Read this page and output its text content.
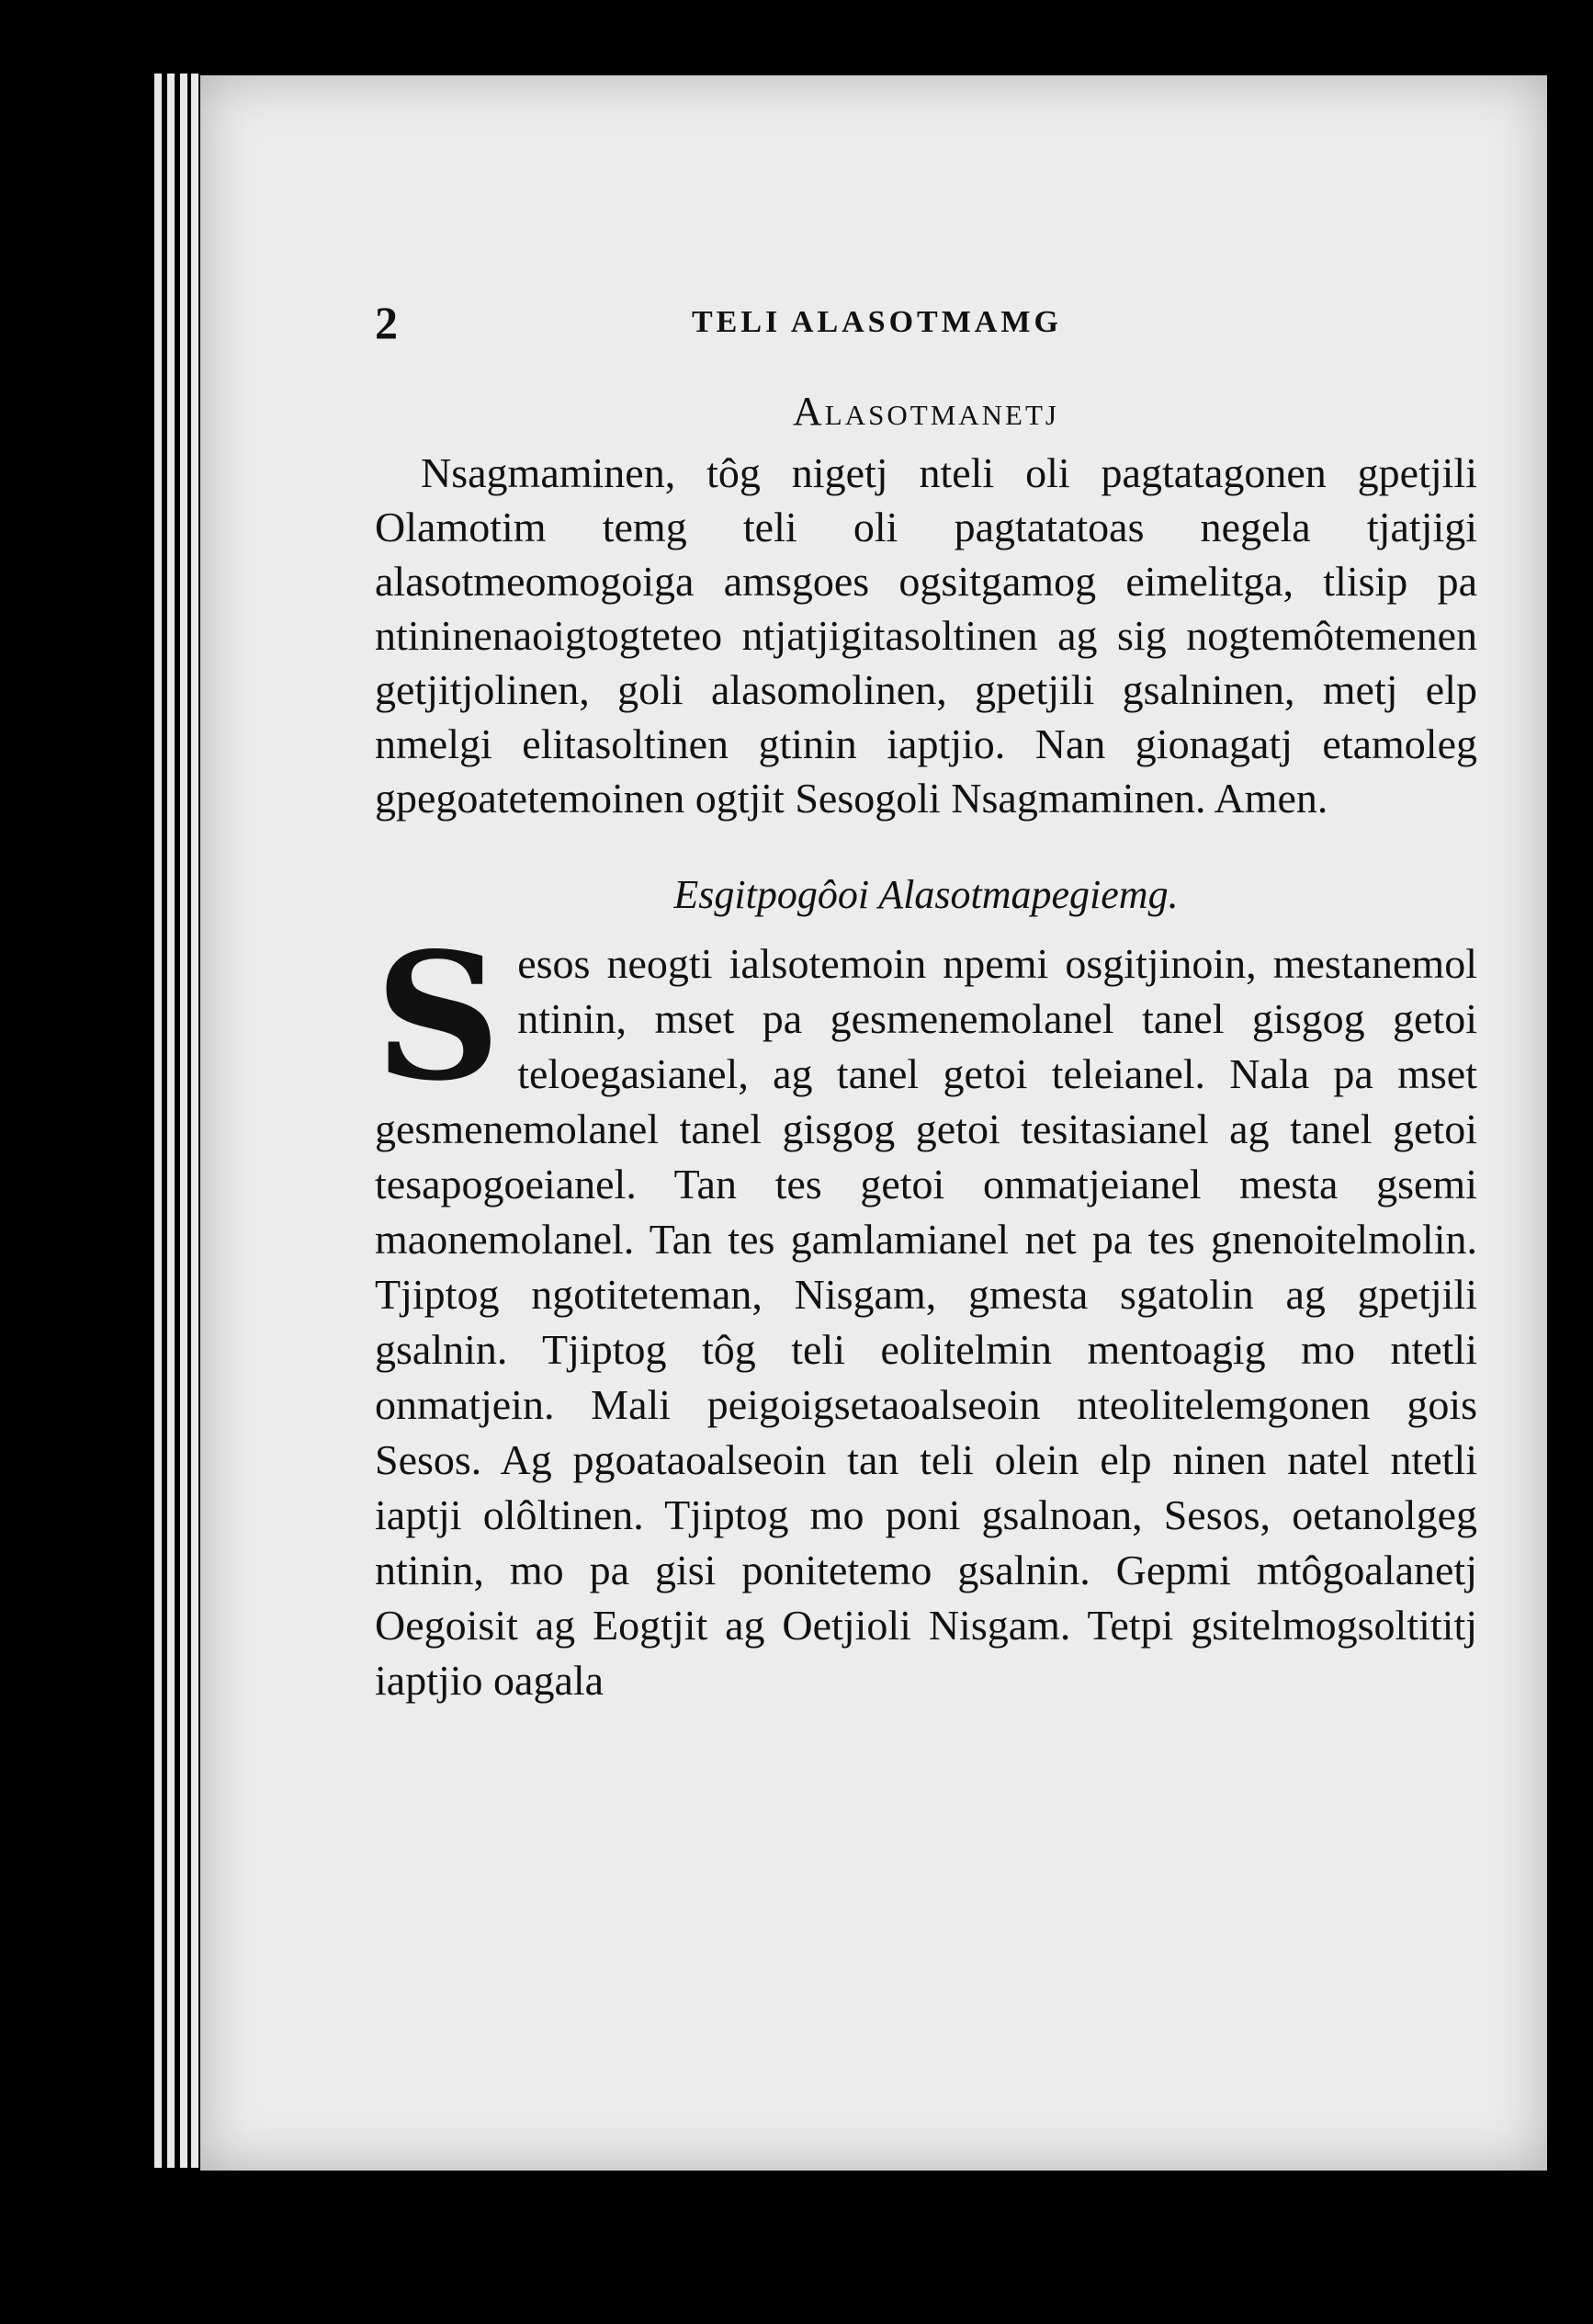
2	TELI ALASOTMAMG
Alasotmanetj

Nsagmaminen, tôg nigetj nteli oli pagtatagonen gpetjili Olamotim temg teli oli pagtatatoas negela tjatjigi alasotmeomogoiga amsgoes ogsitgamog eimelitga, tlisip pa ntininenaoigtogteteo ntjatjigitasoltinen ag sig nogtemôtemenen getjitjolinen, goli alasomolinen, gpetjili gsalninen, metj elp nmelgi elitasoltinen gtinin iaptjio. Nan gionagatj etamoleg gpegoatetemoinen ogtjit Sesogoli Nsagmaminen. Amen.

Esgitpogôoi Alasotmapegiemg.
S esos neogti ialsotemoin npemi osgitjinoin, mestanemol ntinin, mset pa gesmenemolanel tanel gisgog getoi teloegasianel, ag tanel getoi teleianel. Nala pa mset gesmenemolanel tanel gisgog getoi tesitasianel ag tanel getoi tesapogoeianel. Tan tes getoi onmatjeianel mesta gsemi maonemolanel. Tan tes gamlamianel net pa tes gnenoitelmolin. Tjiptog ngotiteteman, Nisgam, gmesta sgatolin ag gpetjili gsalnin. Tjiptog tôg teli eolitelmin mentoagig mo ntetli onmatjein. Mali peigoigsetaoalseoin nteolitelemgonen gois Sesos. Ag pgoataoalseoin tan teli olein elp ninen natel ntetli iaptji olôltinen. Tjiptog mo poni gsalnoan, Sesos, oetanolgeg ntinin, mo pa gisi ponitetemo gsalnin. Gepmi mtôgoalanetj Oegoisit ag Eogtjit ag Oetjioli Nisgam. Tetpi gsitelmogsoltititj iaptjio oagala
